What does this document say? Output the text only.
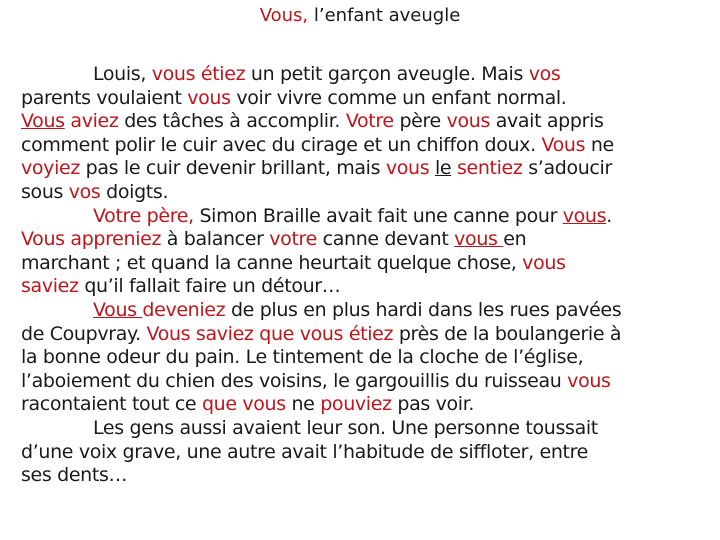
Vous, l’enfant aveugle

Louis, vous étiez un petit garçon aveugle. Mais vos
parents voulaient vous voir vivre comme un enfant normal.
Vous aviez des tâches à accomplir. Votre père vous avait appris
comment polir le cuir avec du cirage et un chiffon doux. Vous ne
voyiez pas le cuir devenir brillant, mais vous le sentiez s’adoucir
sous vos doigts.

Votre père, Simon Braille avait fait une canne pour vous.
Vous appreniez à balancer votre canne devant vous en
marchant ; et quand la canne heurtait quelque chose, vous
saviez qu’il fallait faire un détour…

Vous deveniez de plus en plus hardi dans les rues pavées
de Coupvray. Vous saviez que vous étiez près de la boulangerie à
la bonne odeur du pain. Le tintement de la cloche de l’église,
l’aboiement du chien des voisins, le gargouillis du ruisseau vous
racontaient tout ce que vous ne pouviez pas voir.

Les gens aussi avaient leur son. Une personne toussait
d’une voix grave, une autre avait l’habitude de siffloter, entre
ses dents…
